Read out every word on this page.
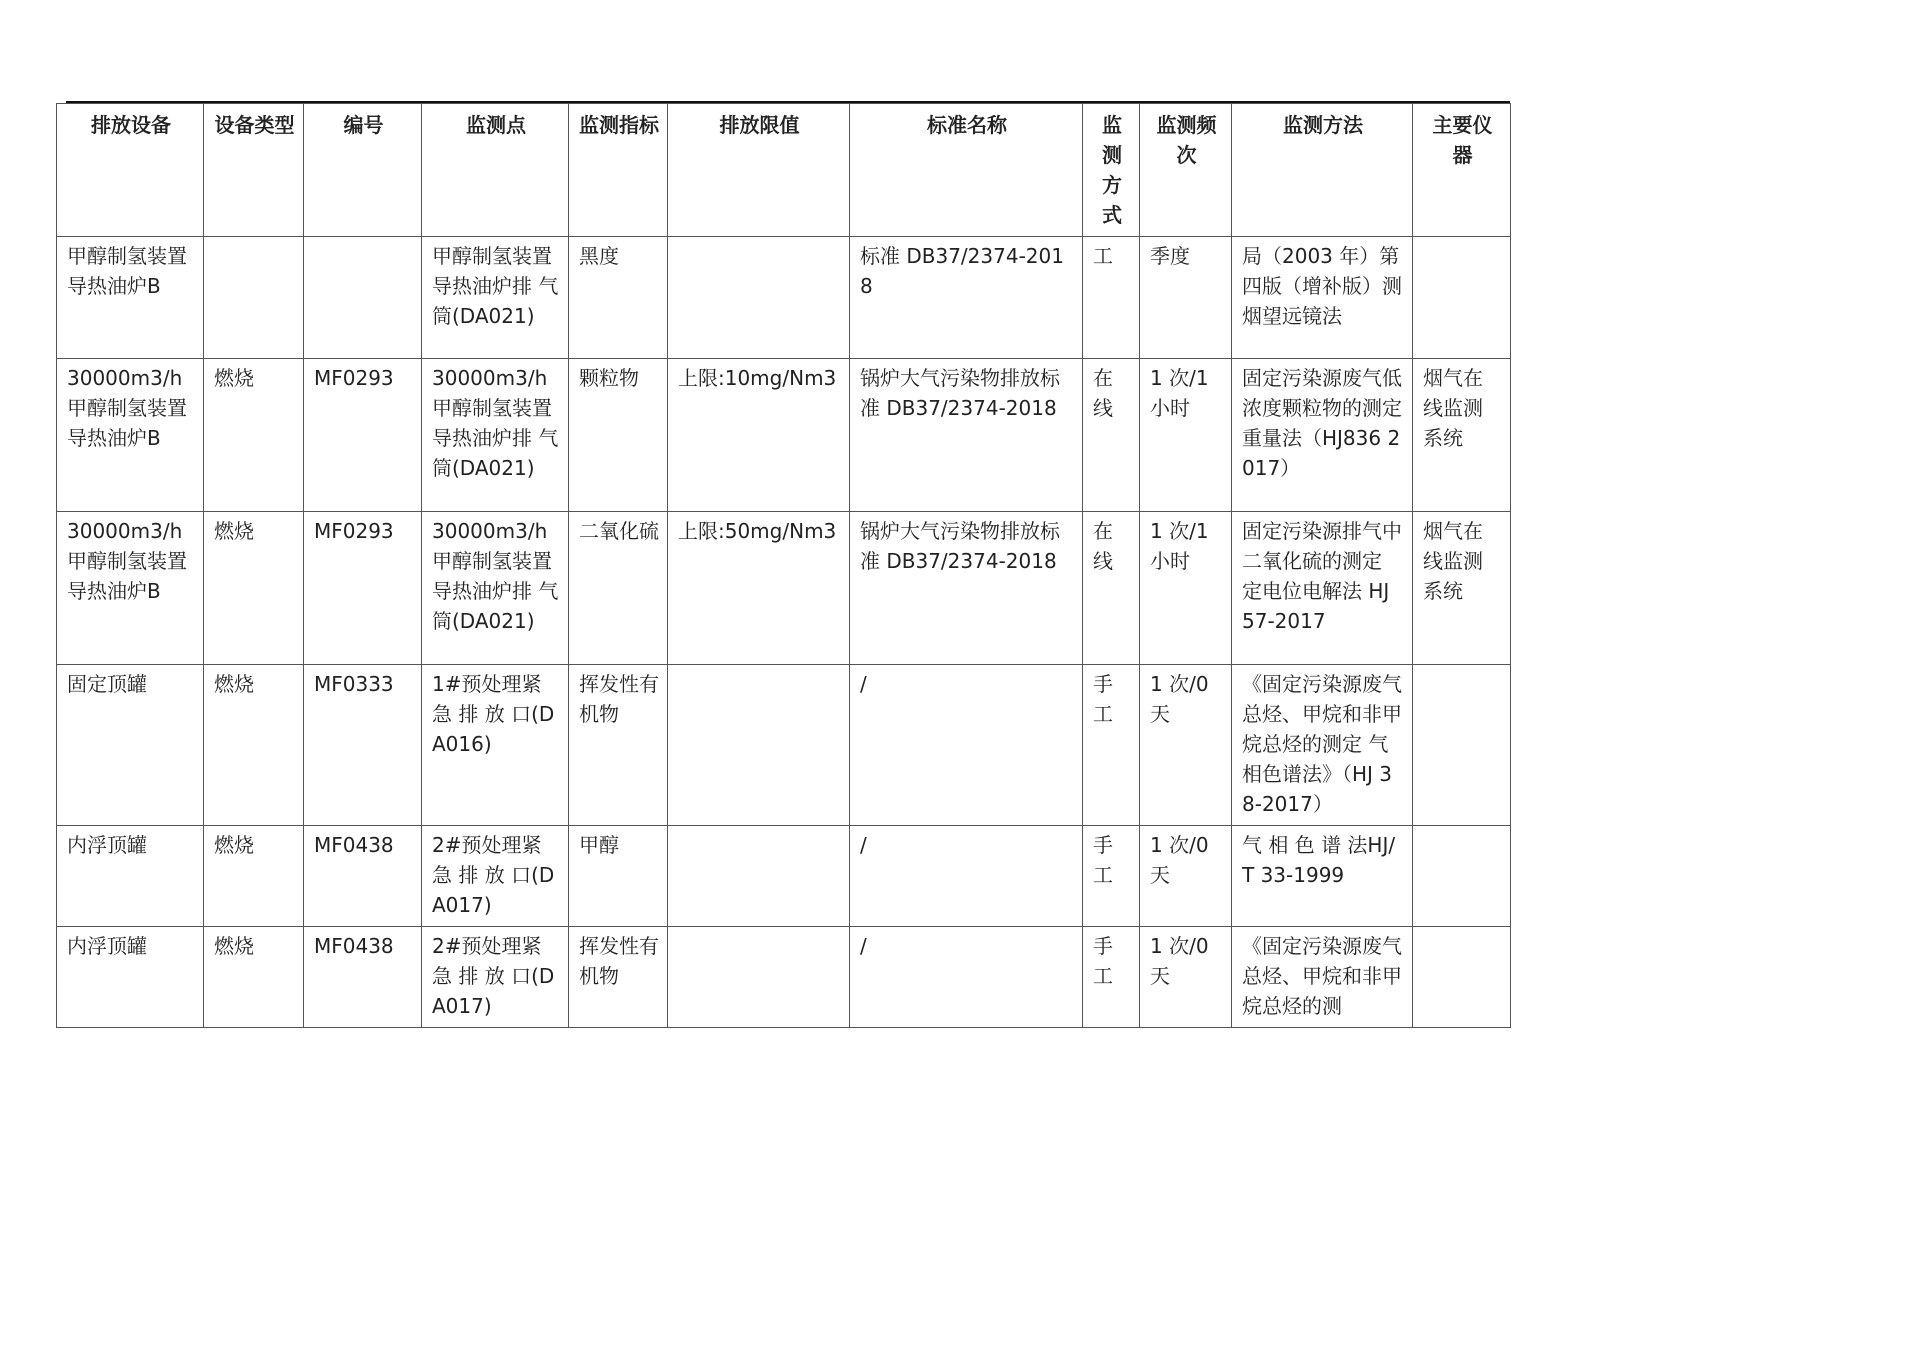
排放设备	设备类型	编号	监测点	监测指标	排放限值	标准名称	监测方式	监测频次	监测方法	主要仪器
甲醇制氢装置导热油炉B			甲醇制氢装置导热油炉排 气 筒(DA021)	黑度		标准 DB37/2374-2018	工	季度	局（2003 年）第四版（增补版）测烟望远镜法	
30000m3/h 甲醇制氢装置导热油炉B	燃烧	MF0293	30000m3/h 甲醇制氢装置导热油炉排 气 筒(DA021)	颗粒物	上限:10mg/Nm3	锅炉大气污染物排放标准 DB37/2374-2018	在线	1 次/1小时	固定污染源废气低浓度颗粒物的测定 重量法（HJ836 2017）	烟气在线监测系统
30000m3/h 甲醇制氢装置导热油炉B	燃烧	MF0293	30000m3/h 甲醇制氢装置导热油炉排 气 筒(DA021)	二氧化硫	上限:50mg/Nm3	锅炉大气污染物排放标准 DB37/2374-2018	在线	1 次/1小时	固定污染源排气中二氧化硫的测定 定电位电解法 HJ 57-2017	烟气在线监测系统
固定顶罐	燃烧	MF0333	1#预处理紧急 排 放 口(DA016)	挥发性有机物		/	手工	1 次/0天	《固定污染源废气 总烃、甲烷和非甲烷总烃的测定 气相色谱法》（HJ 38-2017）	
内浮顶罐	燃烧	MF0438	2#预处理紧急 排 放 口(DA017)	甲醇		/	手工	1 次/0天	气 相 色 谱 法HJ/T 33-1999	
内浮顶罐	燃烧	MF0438	2#预处理紧急 排 放 口(DA017)	挥发性有机物		/	手工	1 次/0天	《固定污染源废气 总烃、甲烷和非甲烷总烃的测	
